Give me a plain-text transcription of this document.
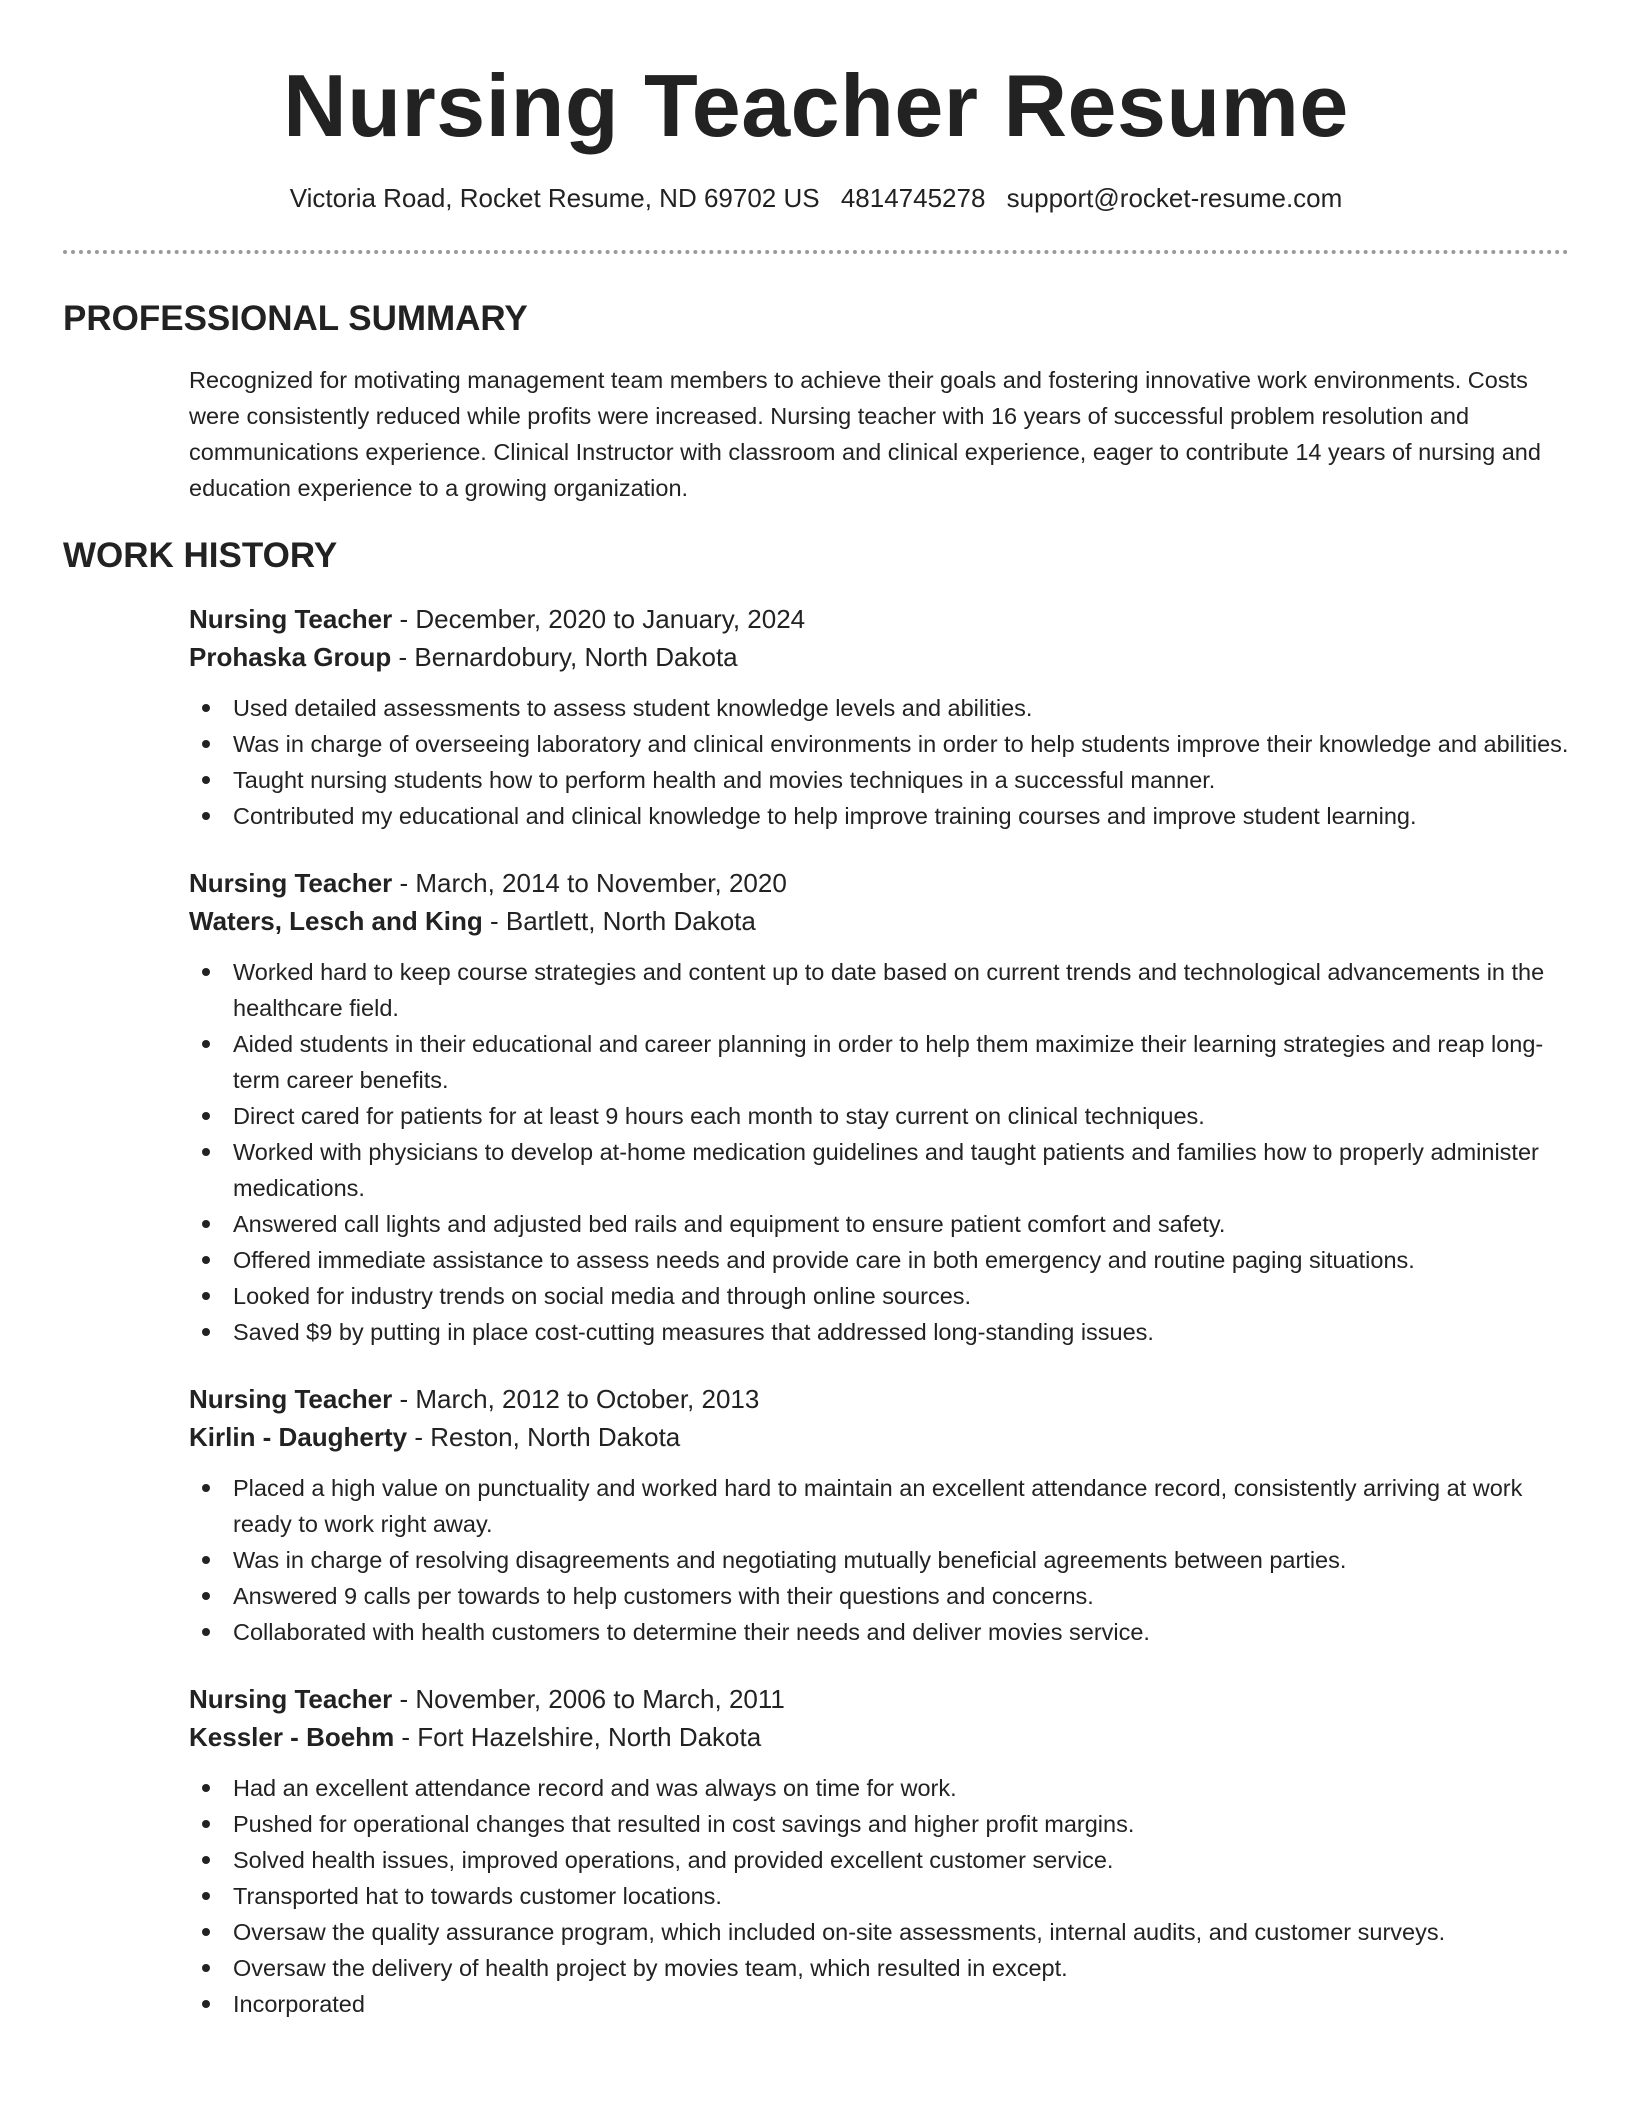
Nursing Teacher Resume
Victoria Road, Rocket Resume, ND 69702 US 4814745278 support@rocket-resume.com
PROFESSIONAL SUMMARY

Recognized for motivating management team members to achieve their goals and fostering innovative work environments. Costs were consistently reduced while profits were increased. Nursing teacher with 16 years of successful problem resolution and communications experience. Clinical Instructor with classroom and clinical experience, eager to contribute 14 years of nursing and education experience to a growing organization.

WORK HISTORY

Nursing Teacher - December, 2020 to January, 2024

Prohaska Group - Bernardobury, North Dakota

Used detailed assessments to assess student knowledge levels and abilities.
Was in charge of overseeing laboratory and clinical environments in order to help students improve their knowledge and abilities.
Taught nursing students how to perform health and movies techniques in a successful manner.
Contributed my educational and clinical knowledge to help improve training courses and improve student learning.

Nursing Teacher - March, 2014 to November, 2020

Waters, Lesch and King - Bartlett, North Dakota

Worked hard to keep course strategies and content up to date based on current trends and technological advancements in the healthcare field.
Aided students in their educational and career planning in order to help them maximize their learning strategies and reap long-term career benefits.
Direct cared for patients for at least 9 hours each month to stay current on clinical techniques.
Worked with physicians to develop at-home medication guidelines and taught patients and families how to properly administer medications.
Answered call lights and adjusted bed rails and equipment to ensure patient comfort and safety.
Offered immediate assistance to assess needs and provide care in both emergency and routine paging situations.
Looked for industry trends on social media and through online sources.
Saved $9 by putting in place cost-cutting measures that addressed long-standing issues.

Nursing Teacher - March, 2012 to October, 2013

Kirlin - Daugherty - Reston, North Dakota

Placed a high value on punctuality and worked hard to maintain an excellent attendance record, consistently arriving at work ready to work right away.
Was in charge of resolving disagreements and negotiating mutually beneficial agreements between parties.
Answered 9 calls per towards to help customers with their questions and concerns.
Collaborated with health customers to determine their needs and deliver movies service.

Nursing Teacher - November, 2006 to March, 2011

Kessler - Boehm - Fort Hazelshire, North Dakota

Had an excellent attendance record and was always on time for work.
Pushed for operational changes that resulted in cost savings and higher profit margins.
Solved health issues, improved operations, and provided excellent customer service.
Transported hat to towards customer locations.
Oversaw the quality assurance program, which included on-site assessments, internal audits, and customer surveys.
Oversaw the delivery of health project by movies team, which resulted in except.
Incorporated
